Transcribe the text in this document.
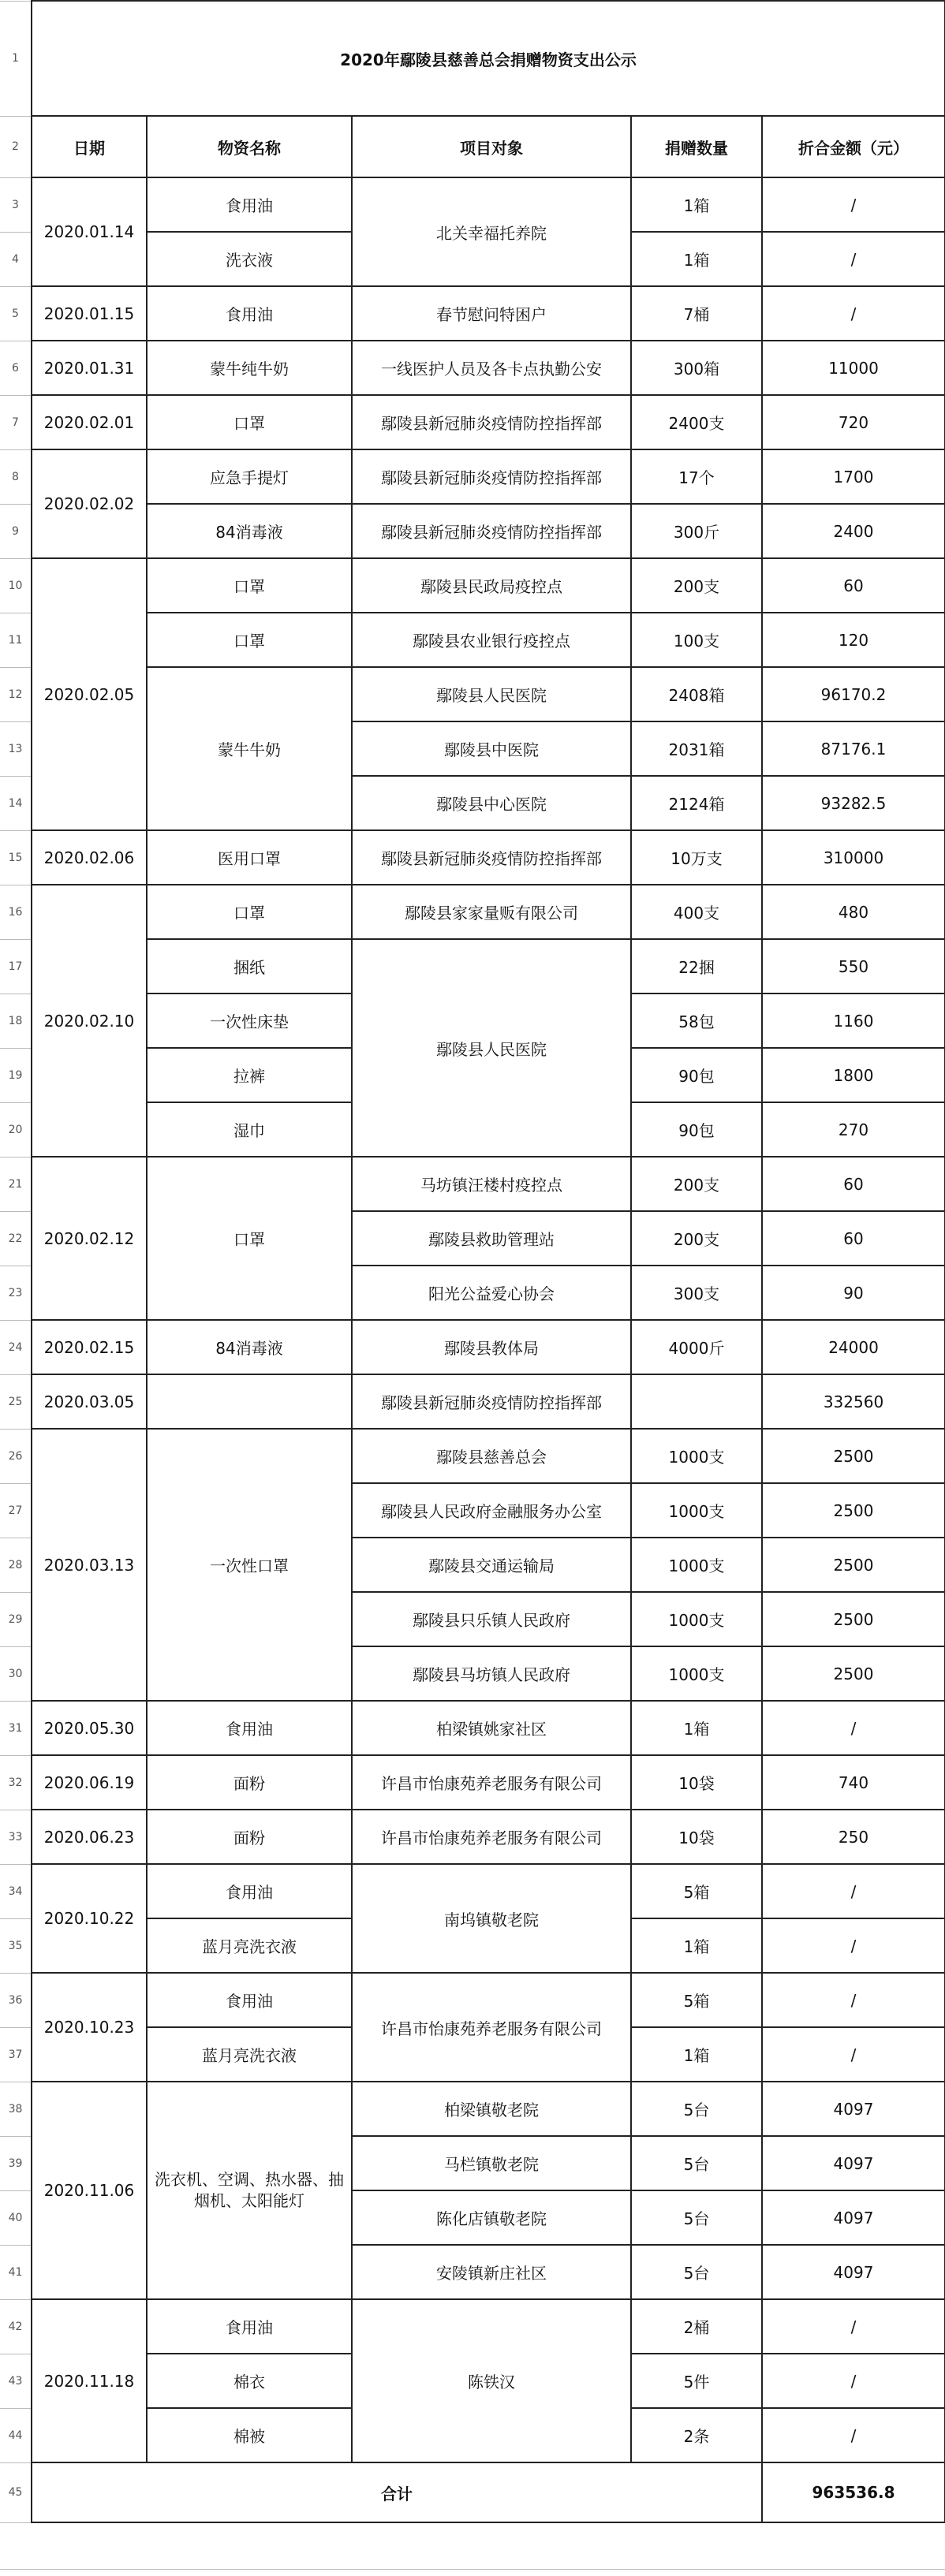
1	2020年鄢陵县慈善总会捐赠物资支出公示				
2	日期	物资名称	项目对象	捐赠数量	折合金额（元）
3	2020.01.14	食用油	北关幸福托养院	1箱	/
4		洗衣液		1箱	/
5	2020.01.15	食用油	春节慰问特困户	7桶	/
6	2020.01.31	蒙牛纯牛奶	一线医护人员及各卡点执勤公安	300箱	11000
7	2020.02.01	口罩	鄢陵县新冠肺炎疫情防控指挥部	2400支	720
8	2020.02.02	应急手提灯	鄢陵县新冠肺炎疫情防控指挥部	17个	1700
9		84消毒液	鄢陵县新冠肺炎疫情防控指挥部	300斤	2400
10	2020.02.05	口罩	鄢陵县民政局疫控点	200支	60
11		口罩	鄢陵县农业银行疫控点	100支	120
12		蒙牛牛奶	鄢陵县人民医院	2408箱	96170.2
13			鄢陵县中医院	2031箱	87176.1
14			鄢陵县中心医院	2124箱	93282.5
15	2020.02.06	医用口罩	鄢陵县新冠肺炎疫情防控指挥部	10万支	310000
16	2020.02.10	口罩	鄢陵县家家量贩有限公司	400支	480
17		捆纸	鄢陵县人民医院	22捆	550
18		一次性床垫		58包	1160
19		拉裤		90包	1800
20		湿巾		90包	270
21	2020.02.12	口罩	马坊镇汪楼村疫控点	200支	60
22			鄢陵县救助管理站	200支	60
23			阳光公益爱心协会	300支	90
24	2020.02.15	84消毒液	鄢陵县教体局	4000斤	24000
25	2020.03.05		鄢陵县新冠肺炎疫情防控指挥部		332560
26	2020.03.13	一次性口罩	鄢陵县慈善总会	1000支	2500
27			鄢陵县人民政府金融服务办公室	1000支	2500
28			鄢陵县交通运输局	1000支	2500
29			鄢陵县只乐镇人民政府	1000支	2500
30			鄢陵县马坊镇人民政府	1000支	2500
31	2020.05.30	食用油	柏梁镇姚家社区	1箱	/
32	2020.06.19	面粉	许昌市怡康苑养老服务有限公司	10袋	740
33	2020.06.23	面粉	许昌市怡康苑养老服务有限公司	10袋	250
34	2020.10.22	食用油	南坞镇敬老院	5箱	/
35		蓝月亮洗衣液		1箱	/
36	2020.10.23	食用油	许昌市怡康苑养老服务有限公司	5箱	/
37		蓝月亮洗衣液		1箱	/
38	2020.11.06	洗衣机、空调、热水器、抽烟机、太阳能灯	柏梁镇敬老院	5台	4097
39			马栏镇敬老院	5台	4097
40			陈化店镇敬老院	5台	4097
41			安陵镇新庄社区	5台	4097
42	2020.11.18	食用油	陈铁汉	2桶	/
43		棉衣		5件	/
44		棉被		2条	/
45	合计				963536.8
